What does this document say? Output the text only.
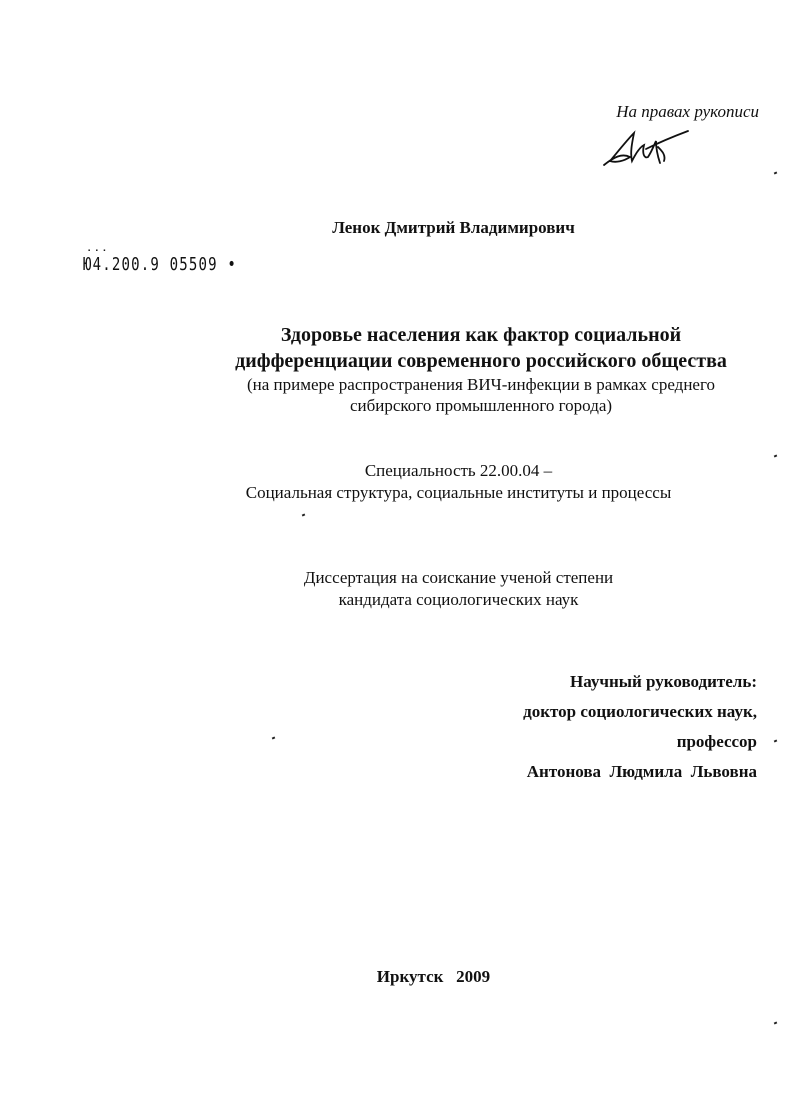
На правах рукописи
Ленок Дмитрий Владимирович
▪ ▪ ▪
Ю4.200.9 05509 •
Здоровье населения как фактор социальной
дифференциации современного российского общества
(на примере распространения ВИЧ-инфекции в рамках среднего
сибирского промышленного города)
Специальность 22.00.04 –
Социальная структура, социальные институты и процессы
Диссертация на соискание ученой степени
кандидата социологических наук
Научный руководитель:
доктор социологических наук,
профессор
Антонова  Людмила  Львовна
Иркутск   2009
